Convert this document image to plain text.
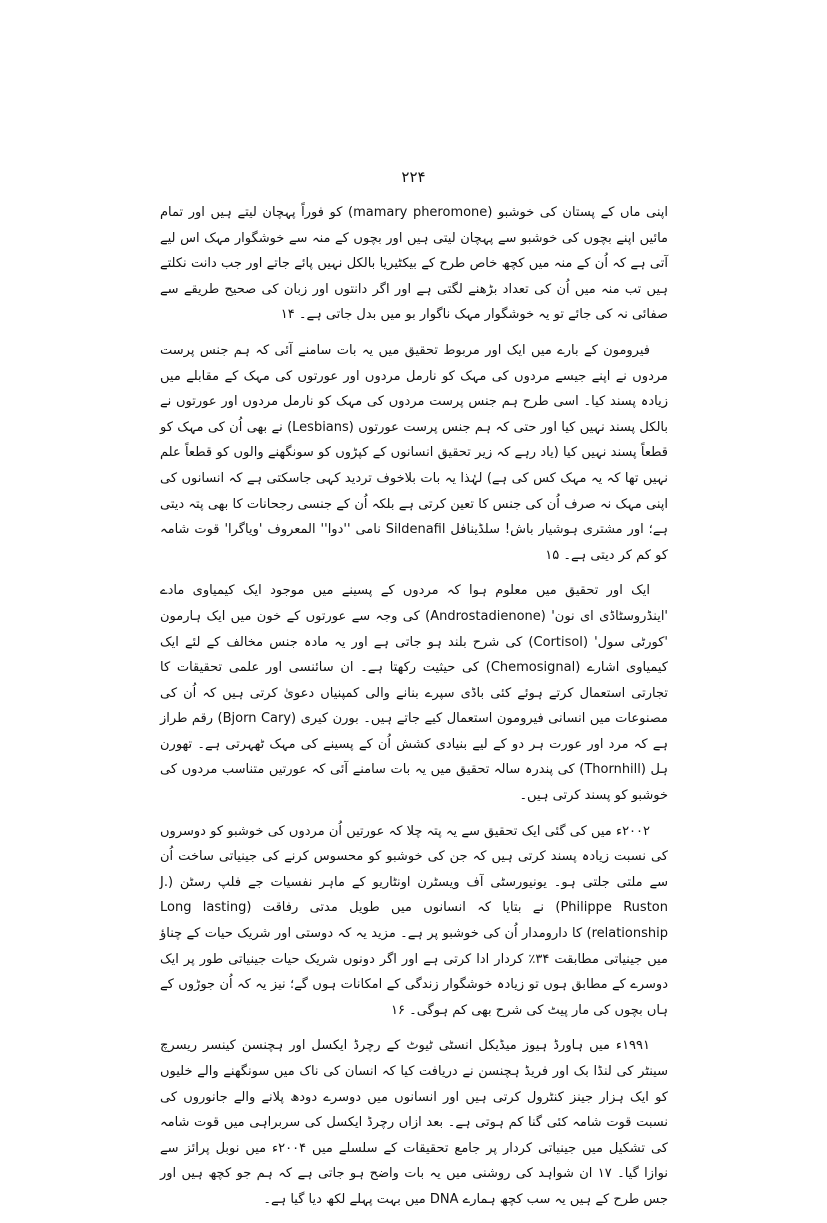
۲۲۴

اپنی ماں کے پستان کی خوشبو (mamary pheromone) کو فوراً پہچان لیتے ہیں اور تمام مائیں اپنے بچوں کی خوشبو سے پہچان لیتی ہیں اور بچوں کے منہ سے خوشگوار مہک اس لیے آتی ہے کہ اُن کے منہ میں کچھ خاص طرح کے بیکٹیریا بالکل نہیں پائے جاتے اور جب دانت نکلتے ہیں تب منہ میں اُن کی تعداد بڑھنے لگتی ہے اور اگر دانتوں اور زبان کی صحیح طریقے سے صفائی نہ کی جائے تو یہ خوشگوار مہک ناگوار بو میں بدل جاتی ہے۔ ۱۴

فیرومون کے بارے میں ایک اور مربوط تحقیق میں یہ بات سامنے آئی کہ ہم جنس پرست مردوں نے اپنے جیسے مردوں کی مہک کو نارمل مردوں اور عورتوں کی مہک کے مقابلے میں زیادہ پسند کیا۔ اسی طرح ہم جنس پرست مردوں کی مہک کو نارمل مردوں اور عورتوں نے بالکل پسند نہیں کیا اور حتی کہ ہم جنس پرست عورتوں (Lesbians) نے بھی اُن کی مہک کو قطعاً پسند نہیں کیا (یاد رہے کہ زیر تحقیق انسانوں کے کپڑوں کو سونگھنے والوں کو قطعاً علم نہیں تھا کہ یہ مہک کس کی ہے) لہٰذا یہ بات بلاخوف تردید کہی جاسکتی ہے کہ انسانوں کی اپنی مہک نہ صرف اُن کی جنس کا تعین کرتی ہے بلکہ اُن کے جنسی رجحانات کا بھی پتہ دیتی ہے؛ اور مشتری ہوشیار باش! سلڈینافل Sildenafil نامی ''دوا'' المعروف 'ویاگرا' قوت شامہ کو کم کر دیتی ہے۔ ۱۵

ایک اور تحقیق میں معلوم ہوا کہ مردوں کے پسینے میں موجود ایک کیمیاوی مادے 'اینڈروسٹاڈی ای نون' (Androstadienone) کی وجہ سے عورتوں کے خون میں ایک ہارمون 'کورٹی سول' (Cortisol) کی شرح بلند ہو جاتی ہے اور یہ مادہ جنس مخالف کے لئے ایک کیمیاوی اشارے (Chemosignal) کی حیثیت رکھتا ہے۔ ان سائنسی اور علمی تحقیقات کا تجارتی استعمال کرتے ہوئے کئی باڈی سپرے بنانے والی کمپنیاں دعویٰ کرتی ہیں کہ اُن کی مصنوعات میں انسانی فیرومون استعمال کیے جاتے ہیں۔ بورن کیری (Bjorn Cary) رقم طراز ہے کہ مرد اور عورت ہر دو کے لیے بنیادی کشش اُن کے پسینے کی مہک ٹھہرتی ہے۔ تھورن ہل (Thornhill) کی پندرہ سالہ تحقیق میں یہ بات سامنے آئی کہ عورتیں متناسب مردوں کی خوشبو کو پسند کرتی ہیں۔

۲۰۰۲ء میں کی گئی ایک تحقیق سے یہ پتہ چلا کہ عورتیں اُن مردوں کی خوشبو کو دوسروں کی نسبت زیادہ پسند کرتی ہیں کہ جن کی خوشبو کو محسوس کرنے کی جینیاتی ساخت اُن سے ملتی جلتی ہو۔ یونیورسٹی آف ویسٹرن اونٹاریو کے ماہر نفسیات جے فلپ رسٹن (J. Philippe Ruston) نے بتایا کہ انسانوں میں طویل مدتی رفاقت (Long lasting relationship) کا دارومدار اُن کی خوشبو پر ہے۔ مزید یہ کہ دوستی اور شریک حیات کے چناؤ میں جینیاتی مطابقت ۳۴٪ کردار ادا کرتی ہے اور اگر دونوں شریک حیات جینیاتی طور پر ایک دوسرے کے مطابق ہوں تو زیادہ خوشگوار زندگی کے امکانات ہوں گے؛ نیز یہ کہ اُن جوڑوں کے ہاں بچوں کی مار پیٹ کی شرح بھی کم ہوگی۔ ۱۶

۱۹۹۱ء میں ہاورڈ ہیوز میڈیکل انسٹی ٹیوٹ کے رچرڈ ایکسل اور ہچنسن کینسر ریسرچ سینٹر کی لنڈا بک اور فریڈ ہچنسن نے دریافت کیا کہ انسان کی ناک میں سونگھنے والے خلیوں کو ایک ہزار جینز کنٹرول کرتی ہیں اور انسانوں میں دوسرے دودھ پلانے والے جانوروں کی نسبت قوت شامہ کئی گنا کم ہوتی ہے۔ بعد ازاں رچرڈ ایکسل کی سربراہی میں قوت شامہ کی تشکیل میں جینیاتی کردار پر جامع تحقیقات کے سلسلے میں ۲۰۰۴ء میں نوبل پرائز سے نوازا گیا۔ ۱۷ ان شواہد کی روشنی میں یہ بات واضح ہو جاتی ہے کہ ہم جو کچھ ہیں اور جس طرح کے ہیں یہ سب کچھ ہمارے DNA میں بہت پہلے لکھ دیا گیا ہے۔
